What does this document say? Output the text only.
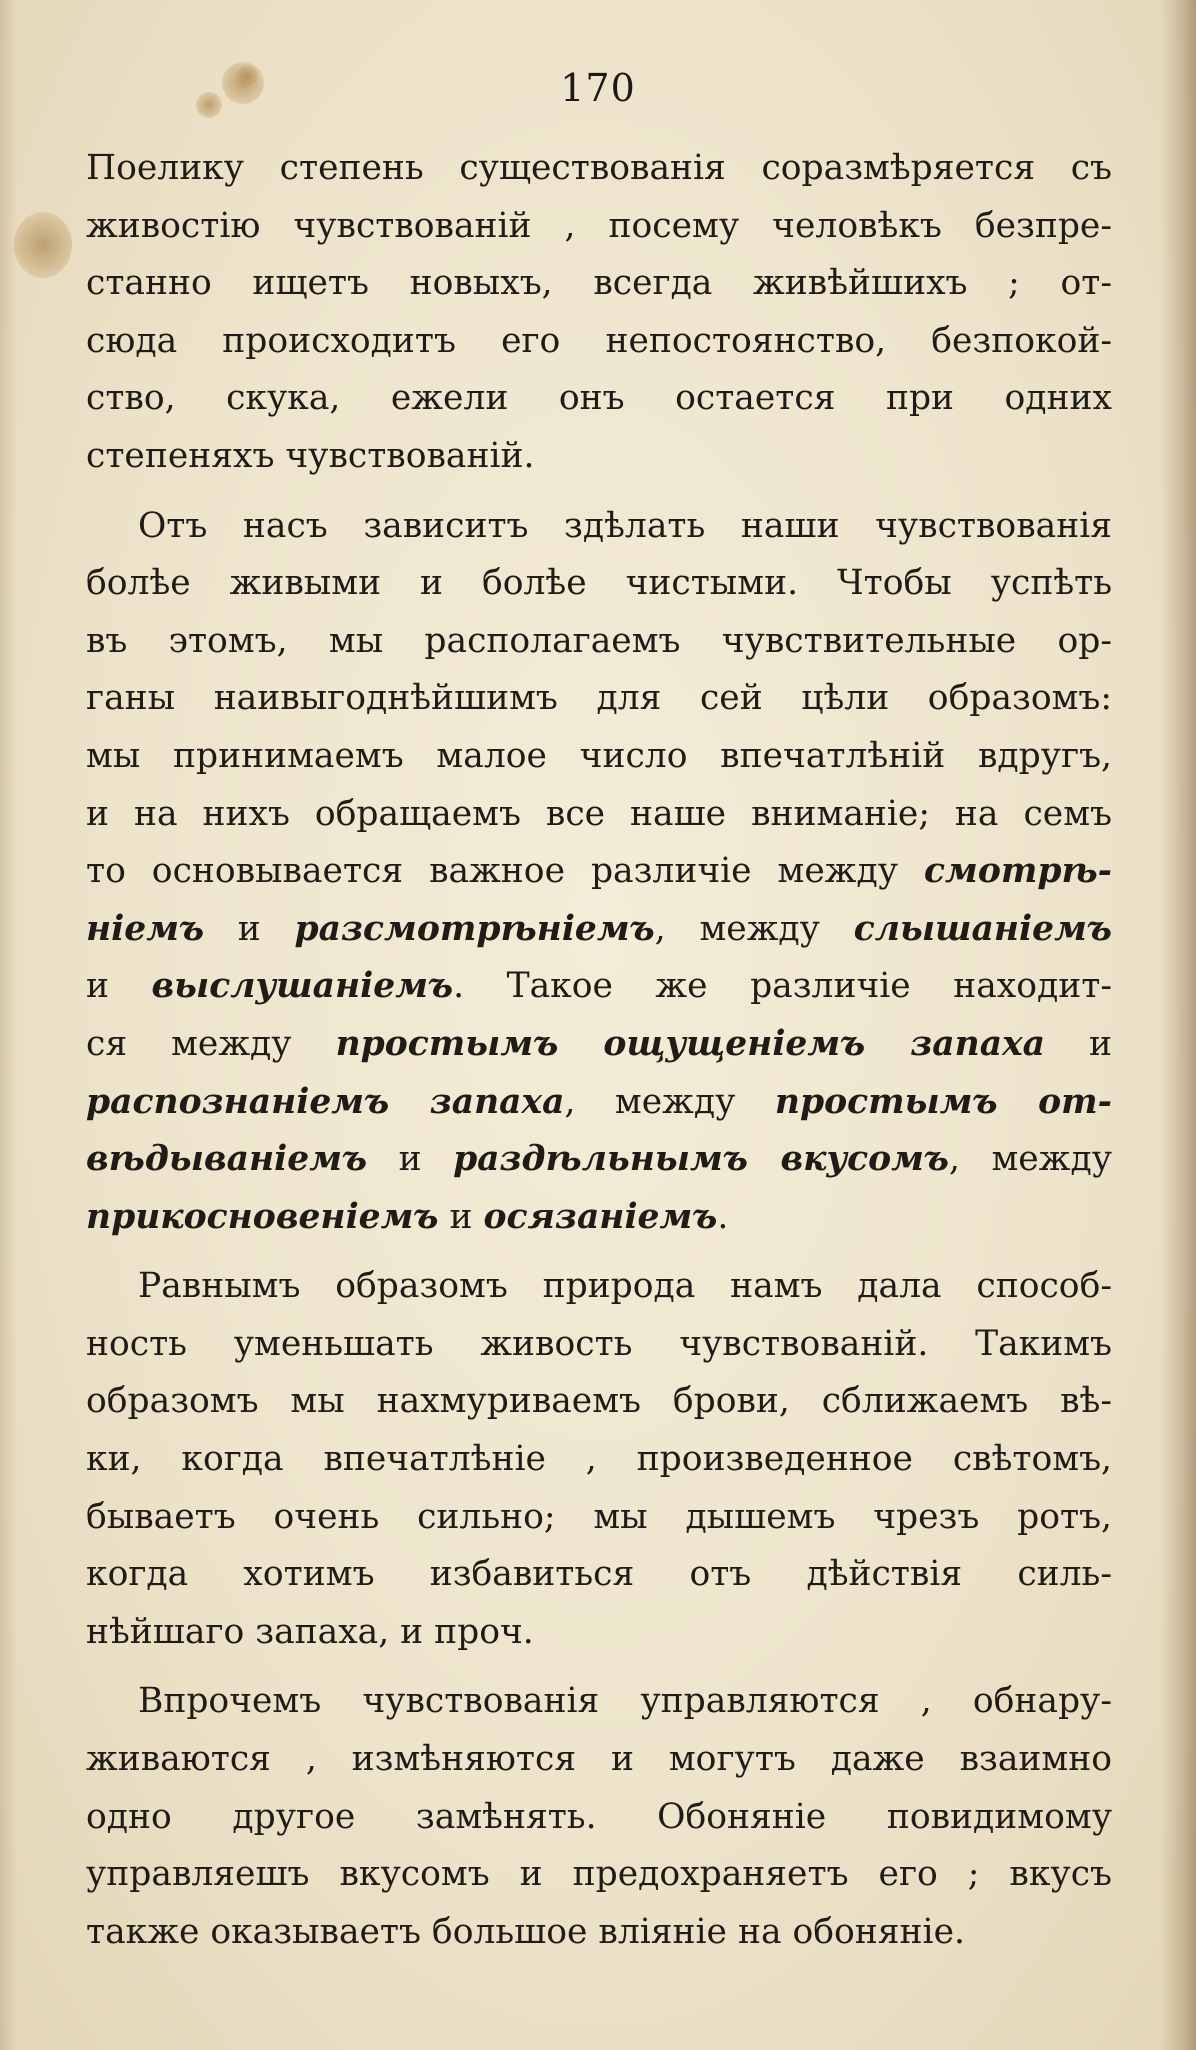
170

Поелику степень существованія соразмѣряется съ
живостію чувствованій , посему человѣкъ безпре-
станно ищетъ новыхъ, всегда живѣйшихъ ; от-
сюда происходитъ его непостоянство, безпокой-
ство, скука, ежели онъ остается при одних
степеняхъ чувствованій.

Отъ насъ зависитъ здѣлать наши чувствованія
болѣе живыми и болѣе чистыми. Чтобы успѣть
въ этомъ, мы располагаемъ чувствительные ор-
ганы наивыгоднѣйшимъ для сей цѣли образомъ:
мы принимаемъ малое число впечатлѣній вдругъ,
и на нихъ обращаемъ все наше вниманіе; на семъ
то основывается важное различіе между смотрѣ-
ніемъ и разсмотрѣніемъ, между слышаніемъ
и выслушаніемъ. Такое же различіе находит-
ся между простымъ ощущеніемъ запаха и
распознаніемъ запаха, между простымъ от-
вѣдываніемъ и раздѣльнымъ вкусомъ, между
прикосновеніемъ и осязаніемъ.

Равнымъ образомъ природа намъ дала способ-
ность уменьшать живость чувствованій. Такимъ
образомъ мы нахмуриваемъ брови, сближаемъ вѣ-
ки, когда впечатлѣніе , произведенное свѣтомъ,
бываетъ очень сильно; мы дышемъ чрезъ ротъ,
когда хотимъ избавиться отъ дѣйствія силь-
нѣйшаго запаха, и проч.

Впрочемъ чувствованія управляются , обнару-
живаются , измѣняются и могутъ даже взаимно
одно другое замѣнять. Обоняніе повидимому
управляешъ вкусомъ и предохраняетъ его ; вкусъ
также оказываетъ большое вліяніе на обоняніе.
